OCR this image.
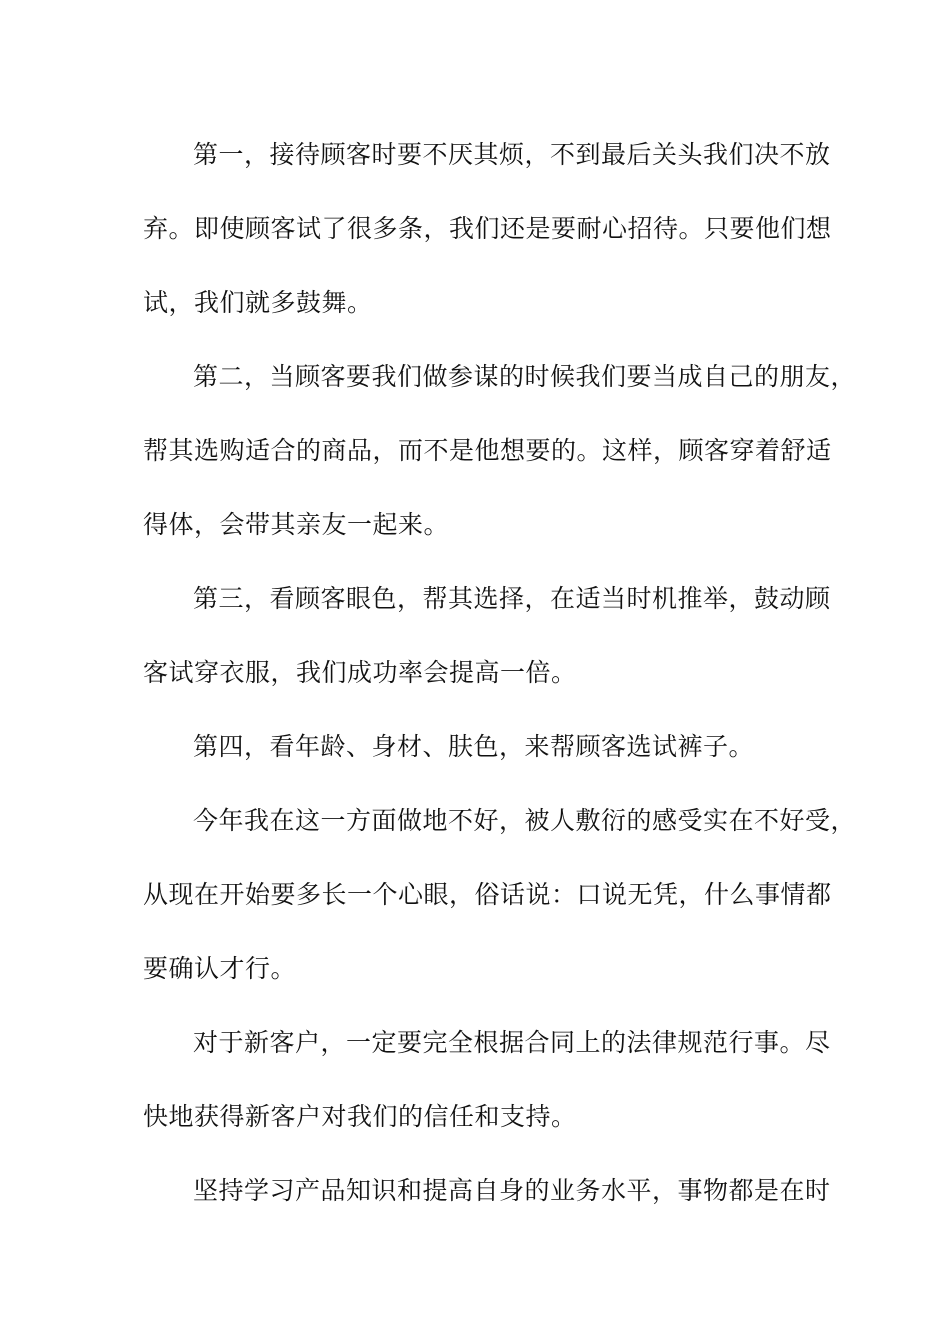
第一，接待顾客时要不厌其烦，不到最后关头我们决不放
弃。即使顾客试了很多条，我们还是要耐心招待。只要他们想
试，我们就多鼓舞。

第二，当顾客要我们做参谋的时候我们要当成自己的朋友，
帮其选购适合的商品，而不是他想要的。这样，顾客穿着舒适
得体，会带其亲友一起来。

第三，看顾客眼色，帮其选择，在适当时机推举，鼓动顾
客试穿衣服，我们成功率会提高一倍。

第四，看年龄、身材、肤色，来帮顾客选试裤子。

今年我在这一方面做地不好，被人敷衍的感受实在不好受，
从现在开始要多长一个心眼，俗话说：口说无凭，什么事情都
要确认才行。

对于新客户，一定要完全根据合同上的法律规范行事。尽
快地获得新客户对我们的信任和支持。

坚持学习产品知识和提高自身的业务水平，事物都是在时
